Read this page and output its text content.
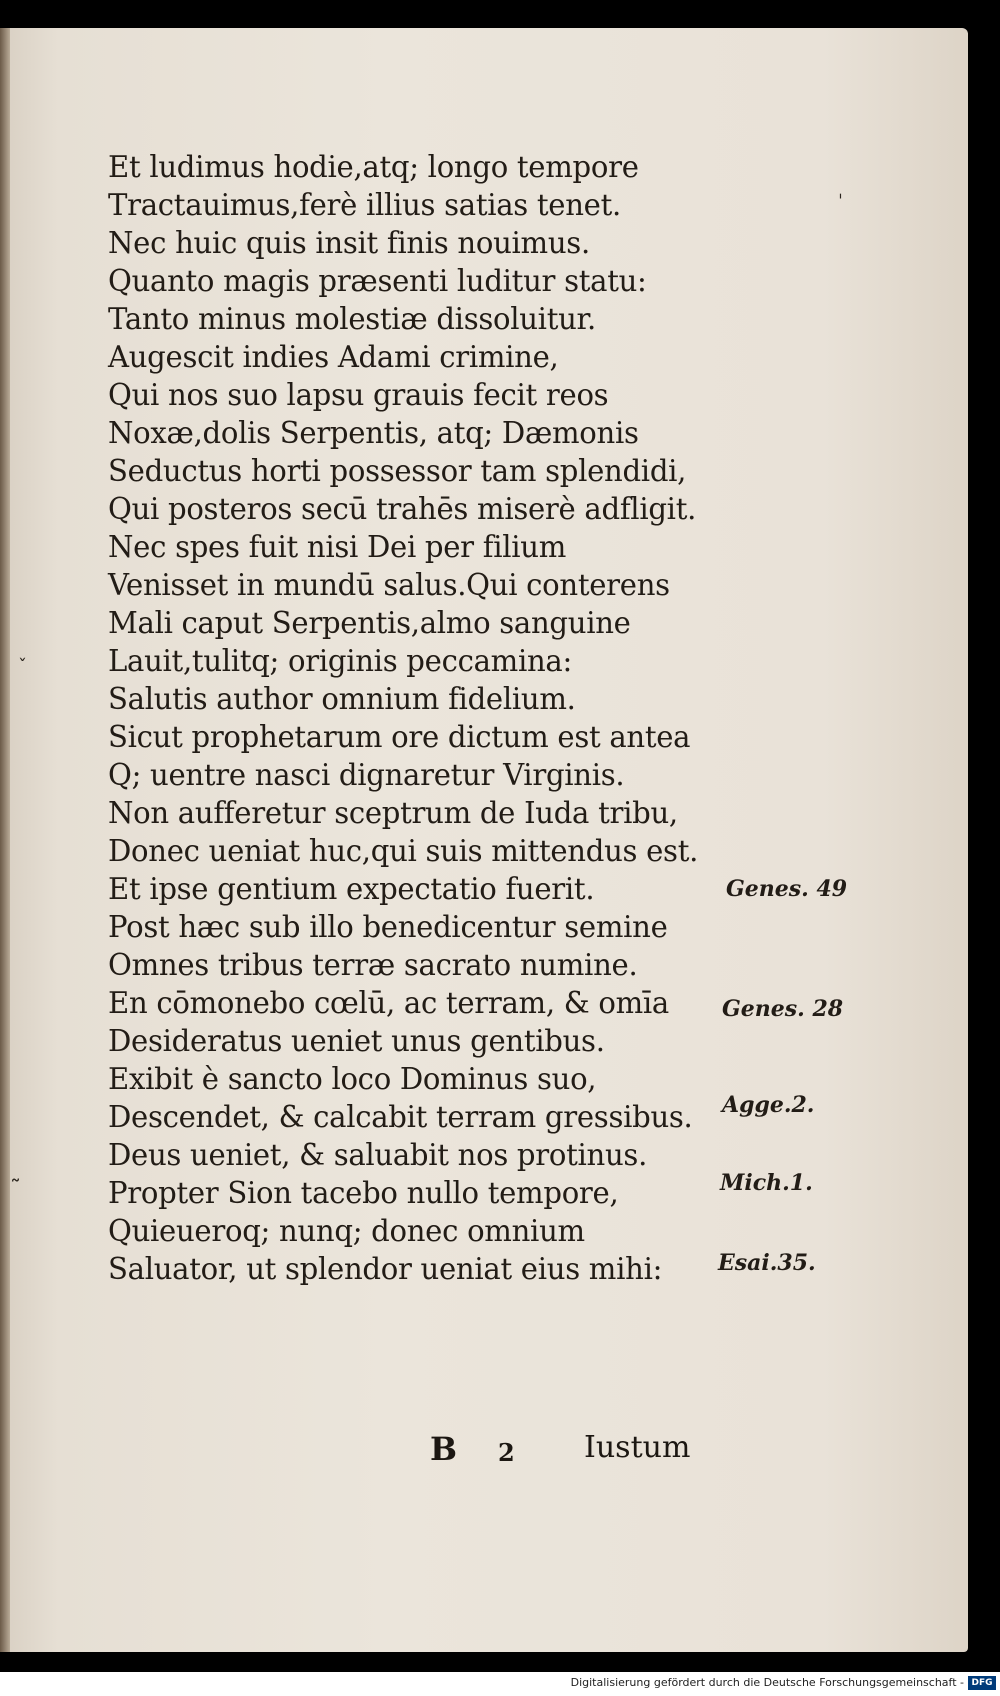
Et ludimus hodie,atq; longo tempore
Tractauimus,ferè illius satias tenet.
Nec huic quis insit finis nouimus.
Quanto magis præsenti luditur statu:
Tanto minus molestiæ dissoluitur.
Augescit indies Adami crimine,
Qui nos suo lapsu grauis fecit reos
Noxæ,dolis Serpentis, atq; Dæmonis
Seductus horti possessor tam splendidi,
Qui posteros secū trahēs miserè adfligit.
Nec spes fuit nisi Dei per filium
Venisset in mundū salus.Qui conterens
Mali caput Serpentis,almo sanguine
Lauit,tulitq; originis peccamina:
Salutis author omnium fidelium.
Sicut prophetarum ore dictum est antea
Q; uentre nasci dignaretur Virginis.
Non aufferetur sceptrum de Iuda tribu,
Donec ueniat huc,qui suis mittendus est.
Et ipse gentium expectatio fuerit.
Post hæc sub illo benedicentur semine
Omnes tribus terræ sacrato numine.
En cōmonebo cœlū, ac terram, & omīa
Desideratus ueniet unus gentibus.
Exibit è sancto loco Dominus suo,
Descendet, & calcabit terram gressibus.
Deus ueniet, & saluabit nos protinus.
Propter Sion tacebo nullo tempore,
Quieueroq; nunq; donec omnium
Saluator, ut splendor ueniat eius mihi:
Genes. 49
Genes. 28
Agge.2.
Mich.1.
Esai.35.
ˌ
ˇ
˷
B 2 Iustum
Digitalisierung gefördert durch die Deutsche Forschungsgemeinschaft - DFG
